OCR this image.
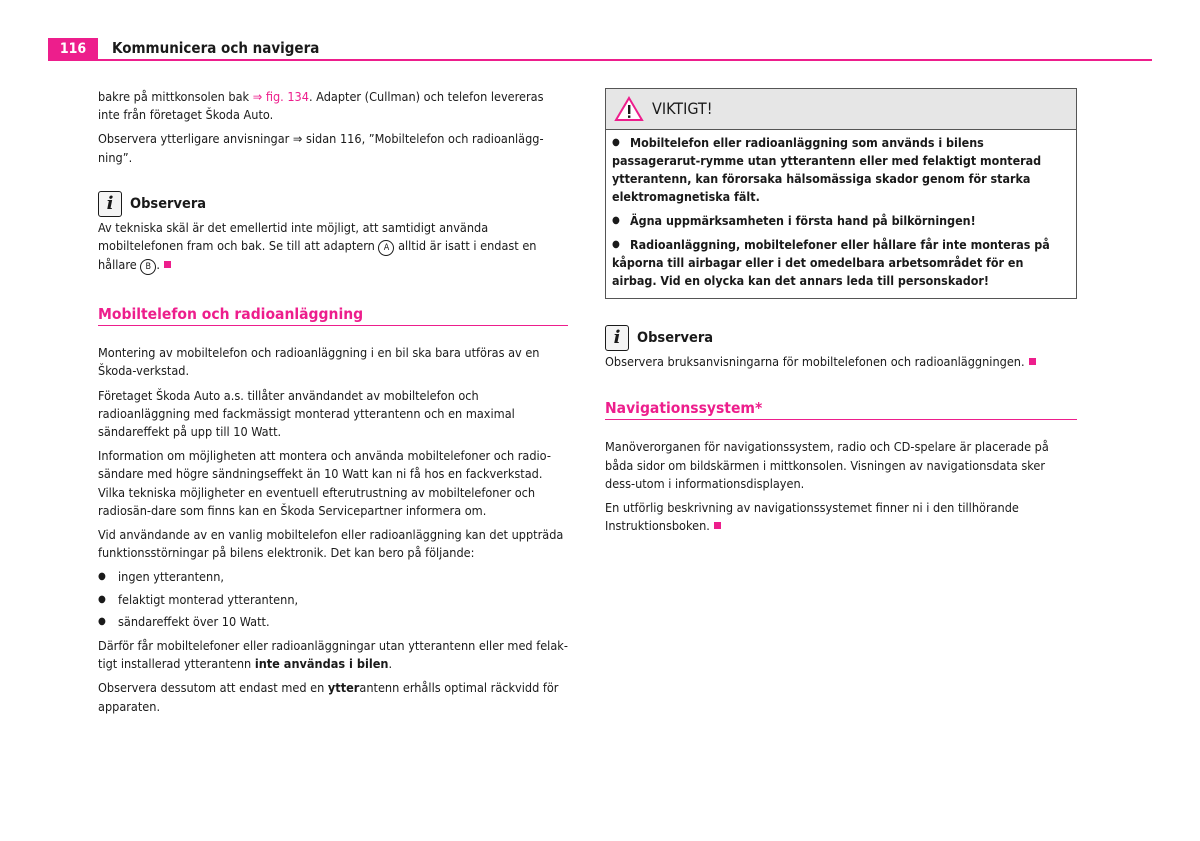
116	Kommunicera och navigera

bakre på mittkonsolen bak ⇒ fig. 134. Adapter (Cullman) och telefon levereras inte från företaget Škoda Auto.

Observera ytterligare anvisningar ⇒ sidan 116, ”Mobiltelefon och radioanlägg-ning”.

i	Observera

Av tekniska skäl är det emellertid inte möjligt, att samtidigt använda mobiltelefonen fram och bak. Se till att adaptern A alltid är isatt i endast en hållare B .

Mobiltelefon och radioanläggning

Montering av mobiltelefon och radioanläggning i en bil ska bara utföras av en Škoda-verkstad.

Företaget Škoda Auto a.s. tillåter användandet av mobiltelefon och radioanläggning med fackmässigt monterad ytterantenn och en maximal sändareffekt på upp till 10 Watt.

Information om möjligheten att montera och använda mobiltelefoner och radio-sändare med högre sändningseffekt än 10 Watt kan ni få hos en fackverkstad. Vilka tekniska möjligheter en eventuell efterutrustning av mobiltelefoner och radiosän-dare som finns kan en Škoda Servicepartner informera om.

Vid användande av en vanlig mobiltelefon eller radioanläggning kan det uppträda funktionsstörningar på bilens elektronik. Det kan bero på följande:

● ingen ytterantenn,
● felaktigt monterad ytterantenn,
● sändareffekt över 10 Watt.

Därför får mobiltelefoner eller radioanläggningar utan ytterantenn eller med felak-tigt installerad ytterantenn inte användas i bilen.

Observera dessutom att endast med en ytterantenn erhålls optimal räckvidd för apparaten.

VIKTIGT!
● Mobiltelefon eller radioanläggning som används i bilens passagerarut-rymme utan ytterantenn eller med felaktigt monterad ytterantenn, kan förorsaka hälsomässiga skador genom för starka elektromagnetiska fält.
● Ägna uppmärksamheten i första hand på bilkörningen!
● Radioanläggning, mobiltelefoner eller hållare får inte monteras på kåporna till airbagar eller i det omedelbara arbetsområdet för en airbag. Vid en olycka kan det annars leda till personskador!
i	Observera

Observera bruksanvisningarna för mobiltelefonen och radioanläggningen.

Navigationssystem*

Manöverorganen för navigationssystem, radio och CD-spelare är placerade på båda sidor om bildskärmen i mittkonsolen. Visningen av navigationsdata sker dess-utom i informationsdisplayen.

En utförlig beskrivning av navigationssystemet finner ni i den tillhörande Instruktionsboken.
